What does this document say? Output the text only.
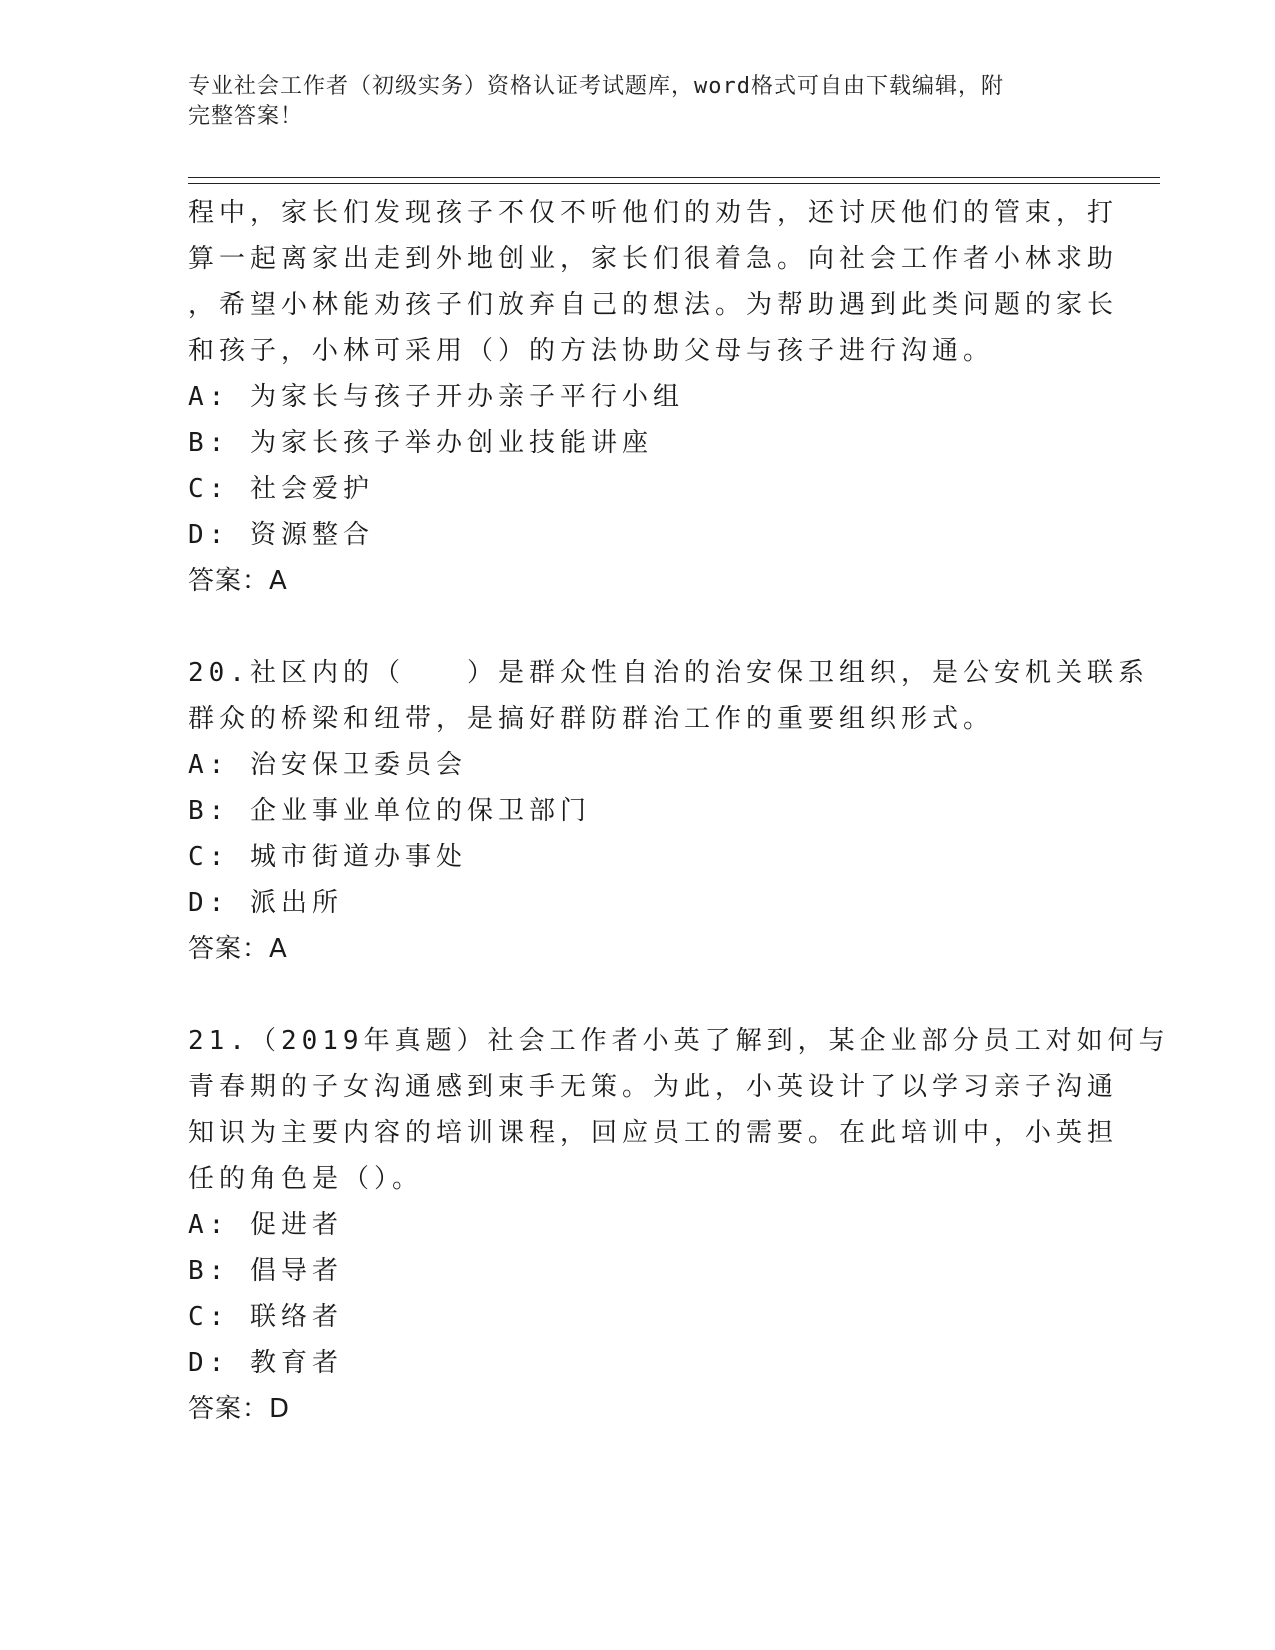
专业社会工作者（初级实务）资格认证考试题库，word格式可自由下载编辑，附
完整答案！

程中，家长们发现孩子不仅不听他们的劝告，还讨厌他们的管束，打
算一起离家出走到外地创业，家长们很着急。向社会工作者小林求助
，希望小林能劝孩子们放弃自己的想法。为帮助遇到此类问题的家长
和孩子，小林可采用（）的方法协助父母与孩子进行沟通。

A: 为家长与孩子开办亲子平行小组
B: 为家长孩子举办创业技能讲座
C: 社会爱护
D: 资源整合
答案：A

20.社区内的（　　）是群众性自治的治安保卫组织，是公安机关联系
群众的桥梁和纽带，是搞好群防群治工作的重要组织形式。

A: 治安保卫委员会
B: 企业事业单位的保卫部门
C: 城市街道办事处
D: 派出所
答案：A

21.（2019年真题）社会工作者小英了解到，某企业部分员工对如何与
青春期的子女沟通感到束手无策。为此，小英设计了以学习亲子沟通
知识为主要内容的培训课程，回应员工的需要。在此培训中，小英担
任的角色是（）。

A: 促进者
B: 倡导者
C: 联络者
D: 教育者
答案：D
